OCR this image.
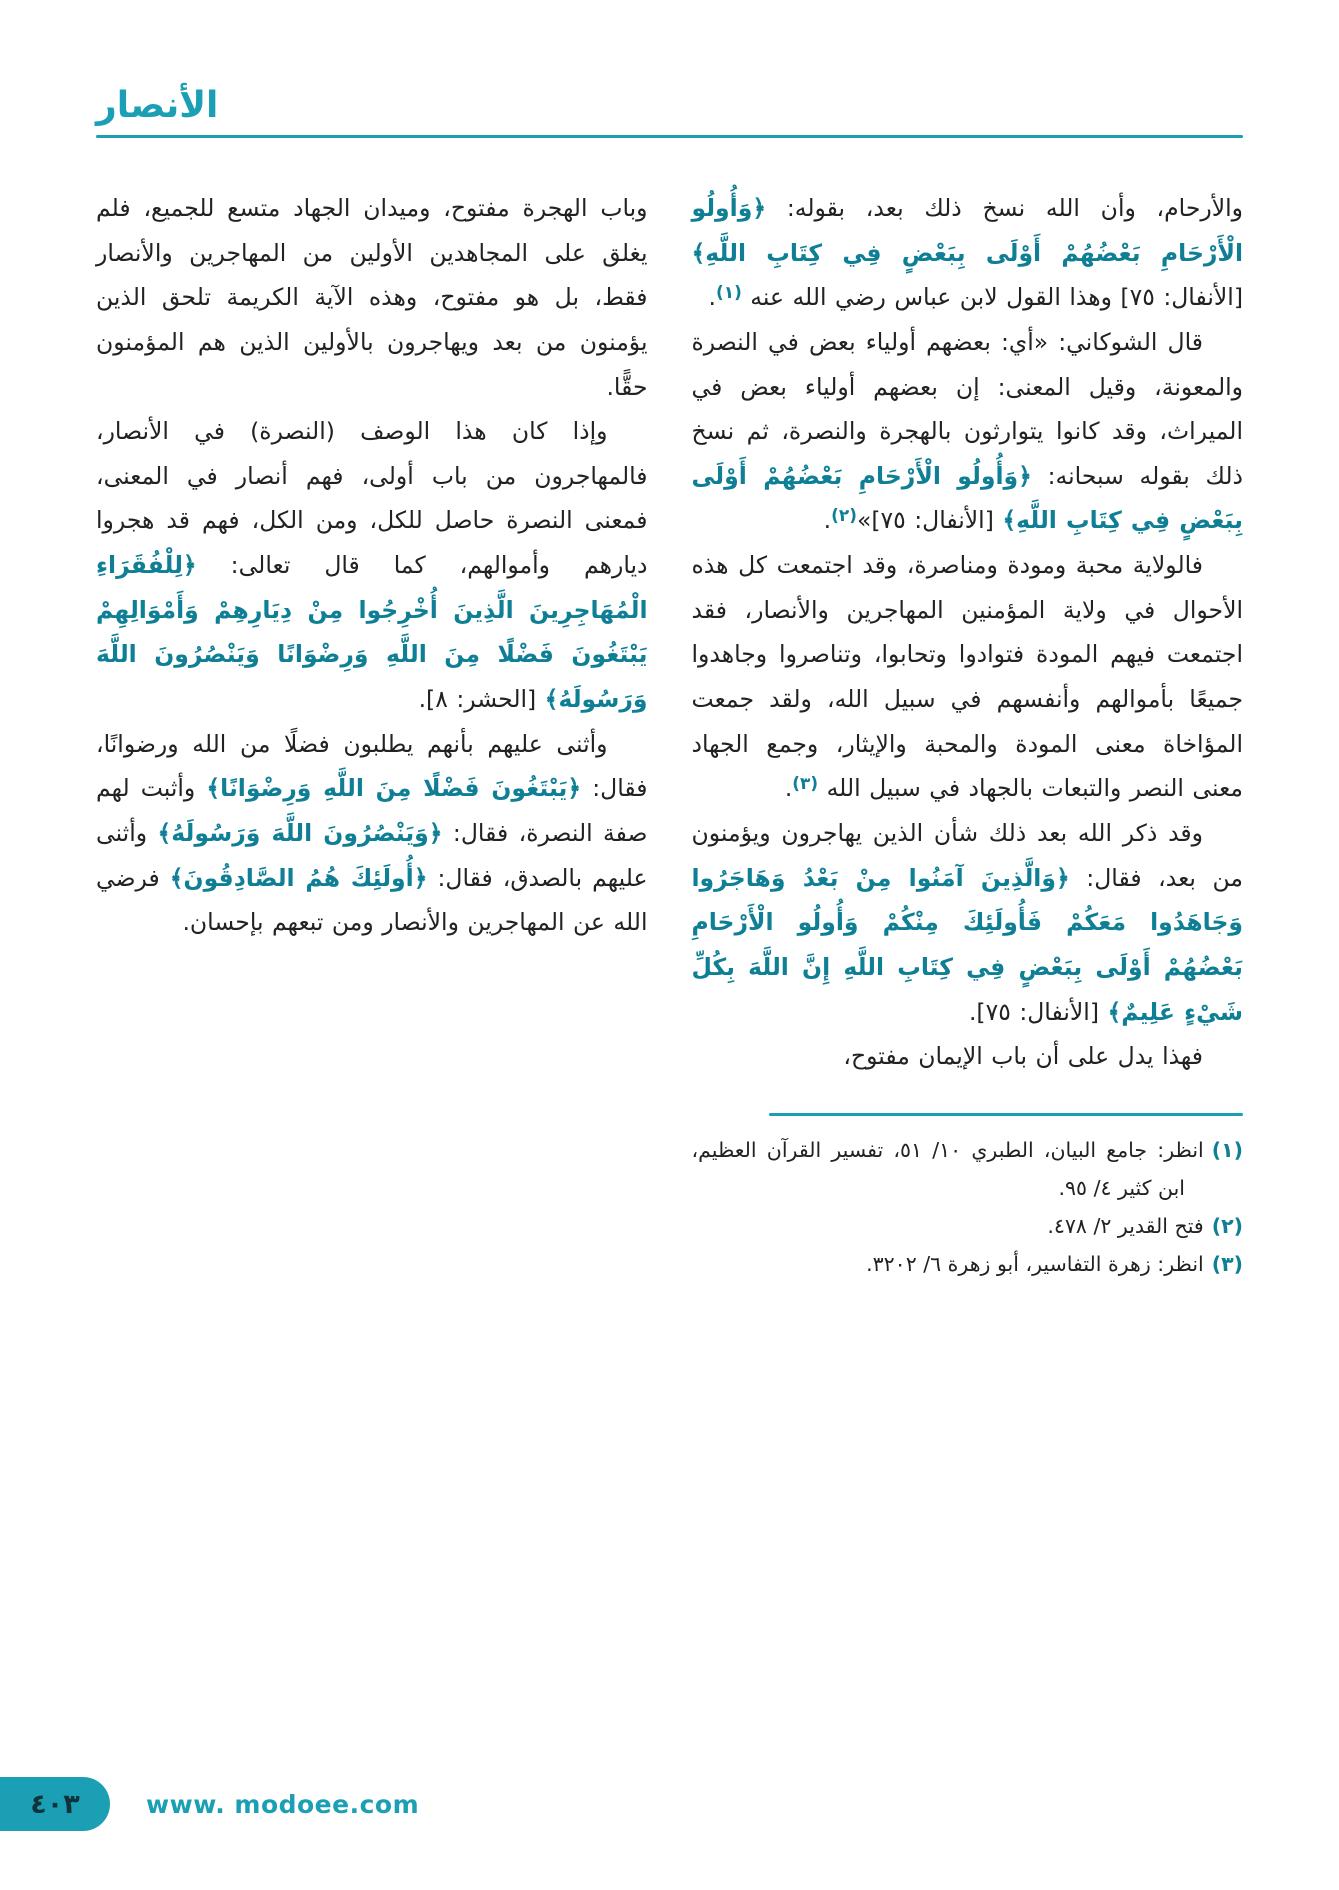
الأنصار

والأرحام، وأن الله نسخ ذلك بعد، بقوله: ﴿وَأُولُو الْأَرْحَامِ بَعْضُهُمْ أَوْلَى بِبَعْضٍ فِي كِتَابِ اللَّهِ﴾ [الأنفال: ٧٥] وهذا القول لابن عباس رضي الله عنه $^{(١)}$.

قال الشوكاني: «أي: بعضهم أولياء بعض في النصرة والمعونة، وقيل المعنى: إن بعضهم أولياء بعض في الميراث، وقد كانوا يتوارثون بالهجرة والنصرة، ثم نسخ ذلك بقوله سبحانه: ﴿وَأُولُو الْأَرْحَامِ بَعْضُهُمْ أَوْلَى بِبَعْضٍ فِي كِتَابِ اللَّهِ﴾ [الأنفال: ٧٥]»$^{(٢)}$.

فالولاية محبة ومودة ومناصرة، وقد اجتمعت كل هذه الأحوال في ولاية المؤمنين المهاجرين والأنصار، فقد اجتمعت فيهم المودة فتوادوا وتحابوا، وتناصروا وجاهدوا جميعًا بأموالهم وأنفسهم في سبيل الله، ولقد جمعت المؤاخاة معنى المودة والمحبة والإيثار، وجمع الجهاد معنى النصر والتبعات بالجهاد في سبيل الله $^{(٣)}$.

وقد ذكر الله بعد ذلك شأن الذين يهاجرون ويؤمنون من بعد، فقال: ﴿وَالَّذِينَ آمَنُوا مِنْ بَعْدُ وَهَاجَرُوا وَجَاهَدُوا مَعَكُمْ فَأُولَئِكَ مِنْكُمْ وَأُولُو الْأَرْحَامِ بَعْضُهُمْ أَوْلَى بِبَعْضٍ فِي كِتَابِ اللَّهِ إِنَّ اللَّهَ بِكُلِّ شَيْءٍ عَلِيمٌ﴾ [الأنفال: ٧٥].

فهذا يدل على أن باب الإيمان مفتوح،

(١)انظر: جامع البيان، الطبري ١٠/ ٥١، تفسير القرآن العظيم، ابن كثير ٤/ ٩٥.
(٢)فتح القدير ٢/ ٤٧٨.
(٣)انظر: زهرة التفاسير، أبو زهرة ٦/ ٣٢٠٢.

وباب الهجرة مفتوح، وميدان الجهاد متسع للجميع، فلم يغلق على المجاهدين الأولين من المهاجرين والأنصار فقط، بل هو مفتوح، وهذه الآية الكريمة تلحق الذين يؤمنون من بعد ويهاجرون بالأولين الذين هم المؤمنون حقًّا.

وإذا كان هذا الوصف (النصرة) في الأنصار، فالمهاجرون من باب أولى، فهم أنصار في المعنى، فمعنى النصرة حاصل للكل، ومن الكل، فهم قد هجروا ديارهم وأموالهم، كما قال تعالى: ﴿لِلْفُقَرَاءِ الْمُهَاجِرِينَ الَّذِينَ أُخْرِجُوا مِنْ دِيَارِهِمْ وَأَمْوَالِهِمْ يَبْتَغُونَ فَضْلًا مِنَ اللَّهِ وَرِضْوَانًا وَيَنْصُرُونَ اللَّهَ وَرَسُولَهُ﴾ [الحشر: ٨].

وأثنى عليهم بأنهم يطلبون فضلًا من الله ورضوانًا، فقال: ﴿يَبْتَغُونَ فَضْلًا مِنَ اللَّهِ وَرِضْوَانًا﴾ وأثبت لهم صفة النصرة، فقال: ﴿وَيَنْصُرُونَ اللَّهَ وَرَسُولَهُ﴾ وأثنى عليهم بالصدق، فقال: ﴿أُولَئِكَ هُمُ الصَّادِقُونَ﴾ فرضي الله عن المهاجرين والأنصار ومن تبعهم بإحسان.

٤٠٣	www. modoee.com
